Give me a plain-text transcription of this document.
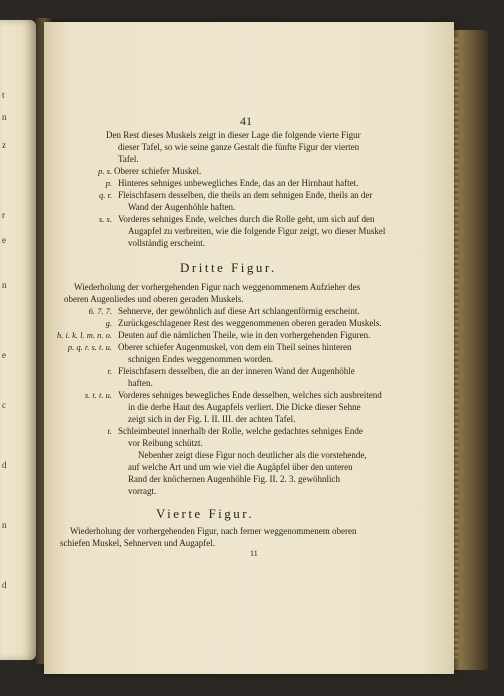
t
n
z
r
e
n
e
c
d
n
d
41
Den Rest dieses Muskels zeigt in dieser Lage die folgende vierte Figur
dieser Tafel, so wie seine ganze Gestalt die fünfte Figur der vierten
Tafel.
p. s. Oberer schiefer Muskel.
p. Hinteres sehniges unbewegliches Ende, das an der Hirnhaut haftet.
q. r. Fleischfasern desselben, die theils an dem sehnigen Ende, theils an der
Wand der Augenhöhle haften.
s. s. Vorderes sehniges Ende, welches durch die Rolle geht, um sich auf den
Augapfel zu verbreiten, wie die folgende Figur zeigt, wo dieser Muskel
vollständig erscheint.
Dritte Figur.
Wiederholung der vorhergehenden Figur nach weggenommenem Aufzieher des
oberen Augenliedes und oberen geraden Muskels.
6. 7. 7. Sehnerve, der gewöhnlich auf diese Art schlangenförmig erscheint.
g. Zurückgeschlagener Rest des weggenommenen oberen geraden Muskels.
h. i. k. l. m. n. o. Deuten auf die nämlichen Theile, wie in den vorhergehenden Figuren.
p. q. r. s. t. u. Oberer schiefer Augenmuskel, von dem ein Theil seines hinteren
schnigen Endes weggenommen worden.
r. Fleischfasern desselben, die an der inneren Wand der Augenhöhle
haften.
s. t. t. u. Vorderes sehniges bewegliches Ende desselben, welches sich ausbreitend
in die derbe Haut des Augapfels verliert. Die Dicke dieser Sehne
zeigt sich in der Fig. I. II. III. der achten Tafel.
t. Schleimbeutel innerhalb der Rolle, welche gedachtes sehniges Ende
vor Reibung schützt.
Nebenher zeigt diese Figur noch deutlicher als die vorstehende,
auf welche Art und um wie viel die Augäpfel über den unteren
Rand der knöchernen Augenhöhle Fig. II. 2. 3. gewöhnlich
vorragt.
Vierte Figur.
Wiederholung der vorhergehenden Figur, nach ferner weggenommenem oberen
schiefen Muskel, Sehnerven und Augapfel.
11
